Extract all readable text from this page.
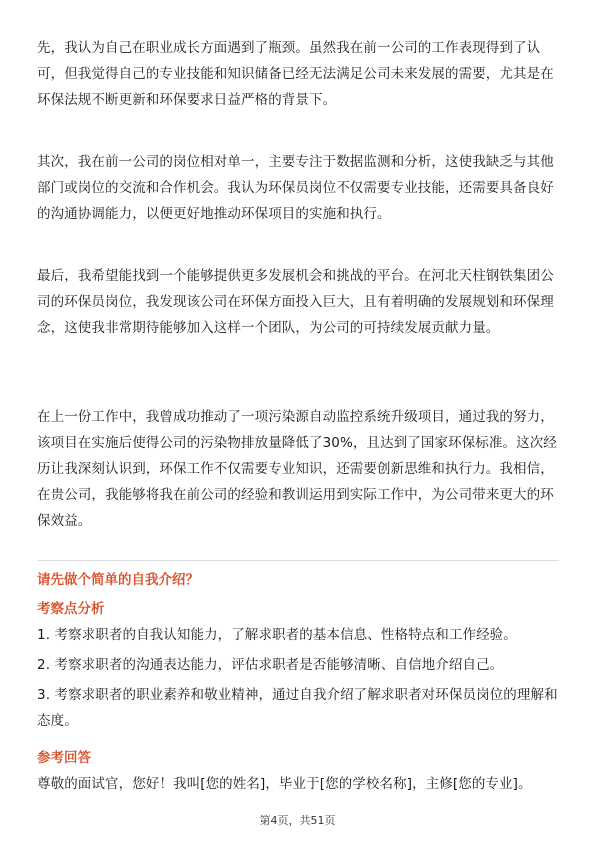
先，我认为自己在职业成长方面遇到了瓶颈。虽然我在前一公司的工作表现得到了认可，但我觉得自己的专业技能和知识储备已经无法满足公司未来发展的需要，尤其是在环保法规不断更新和环保要求日益严格的背景下。

其次，我在前一公司的岗位相对单一，主要专注于数据监测和分析，这使我缺乏与其他部门或岗位的交流和合作机会。我认为环保员岗位不仅需要专业技能，还需要具备良好的沟通协调能力，以便更好地推动环保项目的实施和执行。

最后，我希望能找到一个能够提供更多发展机会和挑战的平台。在河北天柱钢铁集团公司的环保员岗位，我发现该公司在环保方面投入巨大，且有着明确的发展规划和环保理念，这使我非常期待能够加入这样一个团队，为公司的可持续发展贡献力量。

在上一份工作中，我曾成功推动了一项污染源自动监控系统升级项目，通过我的努力，该项目在实施后使得公司的污染物排放量降低了30%，且达到了国家环保标准。这次经历让我深刻认识到，环保工作不仅需要专业知识，还需要创新思维和执行力。我相信，在贵公司，我能够将我在前公司的经验和教训运用到实际工作中，为公司带来更大的环保效益。

请先做个简单的自我介绍？

考察点分析

1. 考察求职者的自我认知能力，了解求职者的基本信息、性格特点和工作经验。

2. 考察求职者的沟通表达能力，评估求职者是否能够清晰、自信地介绍自己。

3. 考察求职者的职业素养和敬业精神，通过自我介绍了解求职者对环保员岗位的理解和态度。

参考回答

尊敬的面试官，您好！我叫[您的姓名]，毕业于[您的学校名称]，主修[您的专业]。

第4页，共51页
